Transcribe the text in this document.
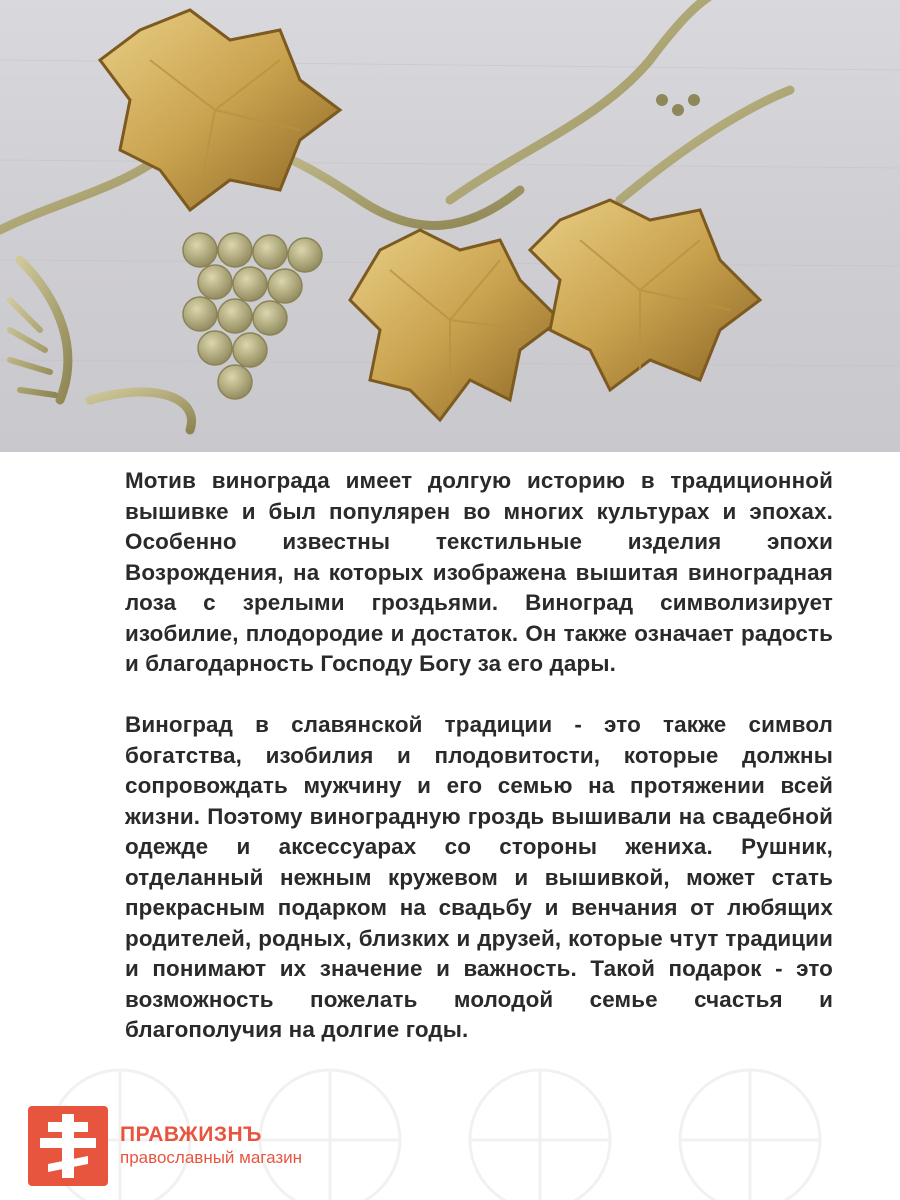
Мотив винограда имеет долгую историю в традиционной вышивке и был популярен во многих культурах и эпохах. Особенно известны текстильные изделия эпохи Возрождения, на которых изображена вышитая виноградная лоза с зрелыми гроздьями. Виноград символизирует изобилие, плодородие и достаток. Он также означает радость и благодарность Господу Богу за его дары.

Виноград в славянской традиции - это также символ богатства, изобилия и плодовитости, которые должны сопровождать мужчину и его семью на протяжении всей жизни. Поэтому виноградную гроздь вышивали на свадебной одежде и аксессуарах со стороны жениха. Рушник, отделанный нежным кружевом и вышивкой, может стать прекрасным подарком на свадьбу и венчания от любящих родителей, родных, близких и друзей, которые чтут традиции и понимают их значение и важность. Такой подарок - это возможность пожелать молодой семье счастья и благополучия на долгие годы.

ПРАВЖИЗНЪ
православный магазин
